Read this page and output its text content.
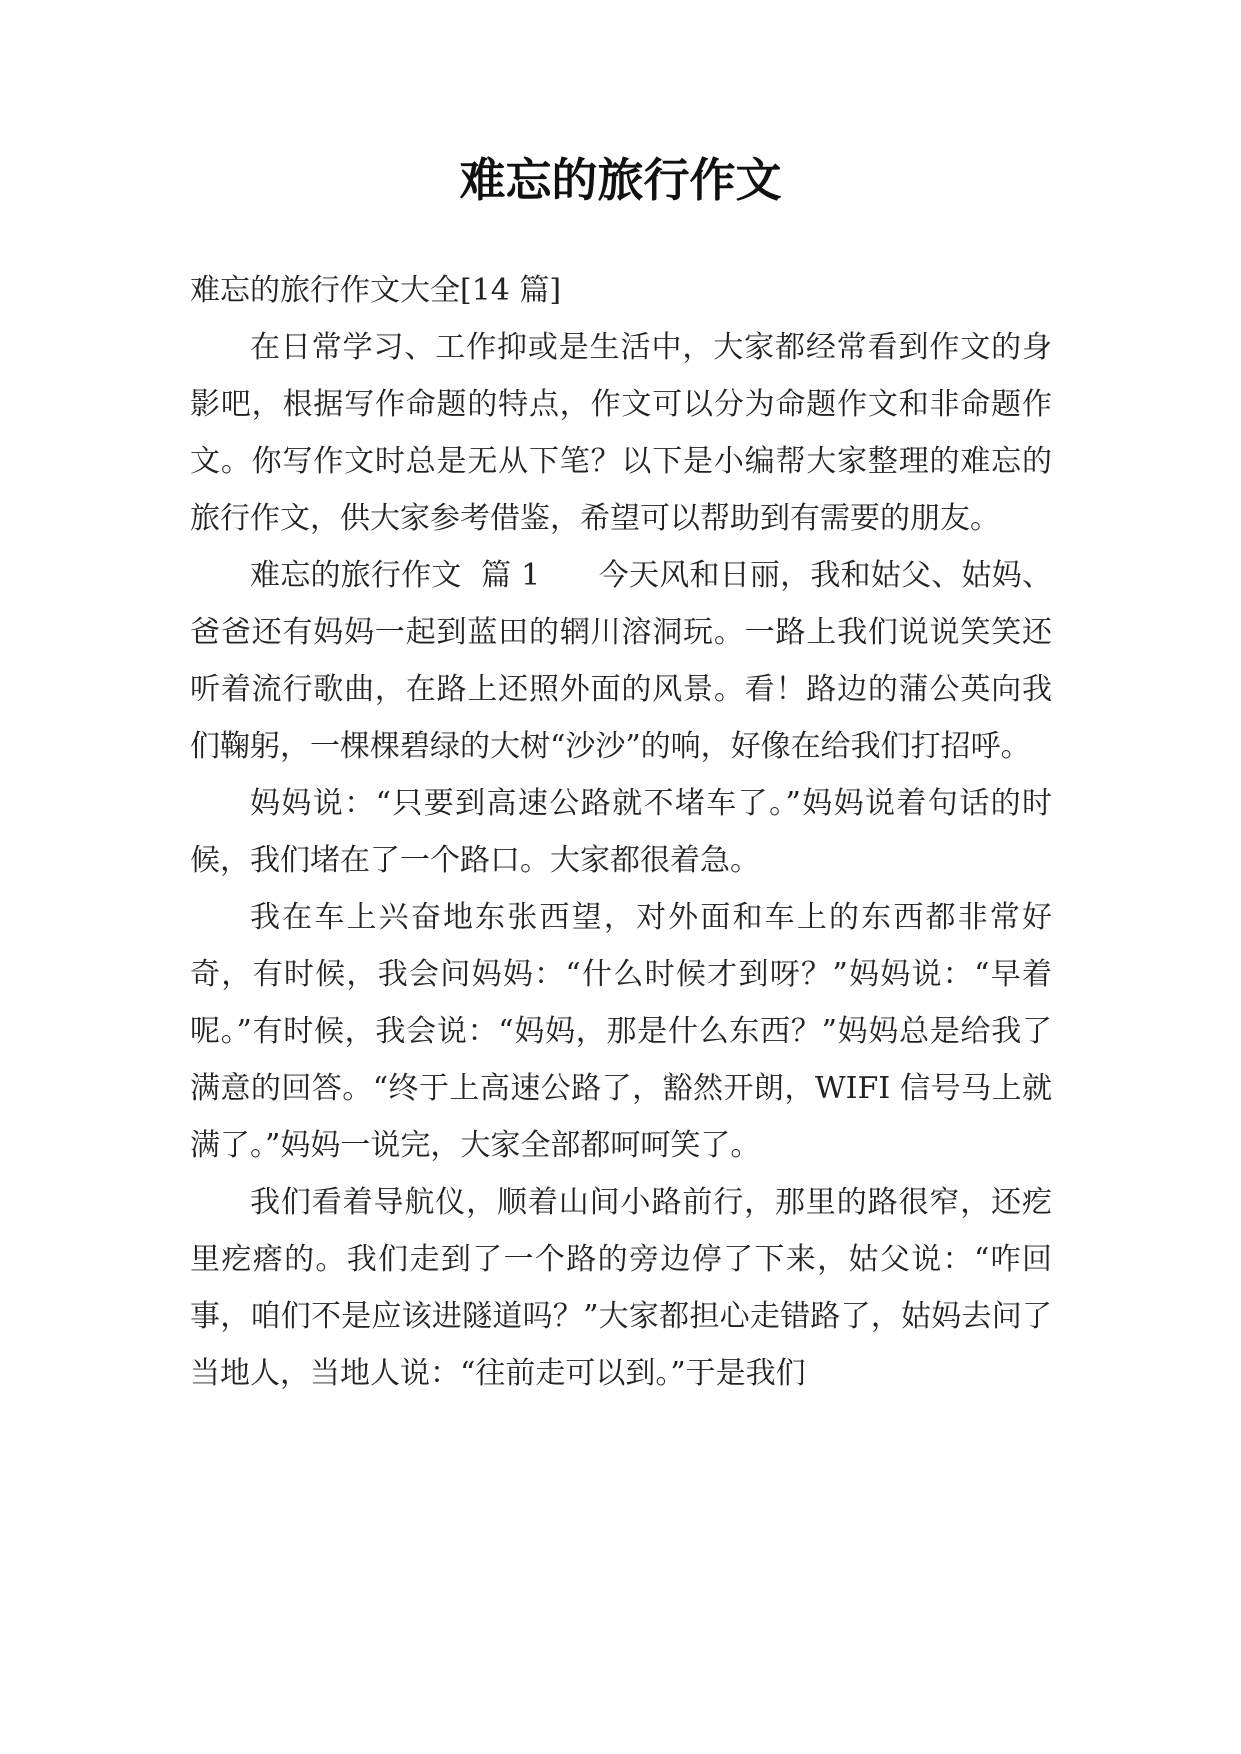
难忘的旅行作文

难忘的旅行作文大全[14 篇]

在日常学习、工作抑或是生活中，大家都经常看到作文的身影吧，根据写作命题的特点，作文可以分为命题作文和非命题作文。你写作文时总是无从下笔？以下是小编帮大家整理的难忘的旅行作文，供大家参考借鉴，希望可以帮助到有需要的朋友。

难忘的旅行作文  篇 1      今天风和日丽，我和姑父、姑妈、爸爸还有妈妈一起到蓝田的辋川溶洞玩。一路上我们说说笑笑还听着流行歌曲，在路上还照外面的风景。看！路边的蒲公英向我们鞠躬，一棵棵碧绿的大树“沙沙”的响，好像在给我们打招呼。

妈妈说：“只要到高速公路就不堵车了。”妈妈说着句话的时候，我们堵在了一个路口。大家都很着急。

我在车上兴奋地东张西望，对外面和车上的东西都非常好奇，有时候，我会问妈妈：“什么时候才到呀？”妈妈说：“早着呢。”有时候，我会说：“妈妈，那是什么东西？”妈妈总是给我了满意的回答。“终于上高速公路了，豁然开朗，WIFI 信号马上就满了。”妈妈一说完，大家全部都呵呵笑了。

我们看着导航仪，顺着山间小路前行，那里的路很窄，还疙里疙瘩的。我们走到了一个路的旁边停了下来，姑父说：“咋回事，咱们不是应该进隧道吗？”大家都担心走错路了，姑妈去问了当地人，当地人说：“往前走可以到。”于是我们
